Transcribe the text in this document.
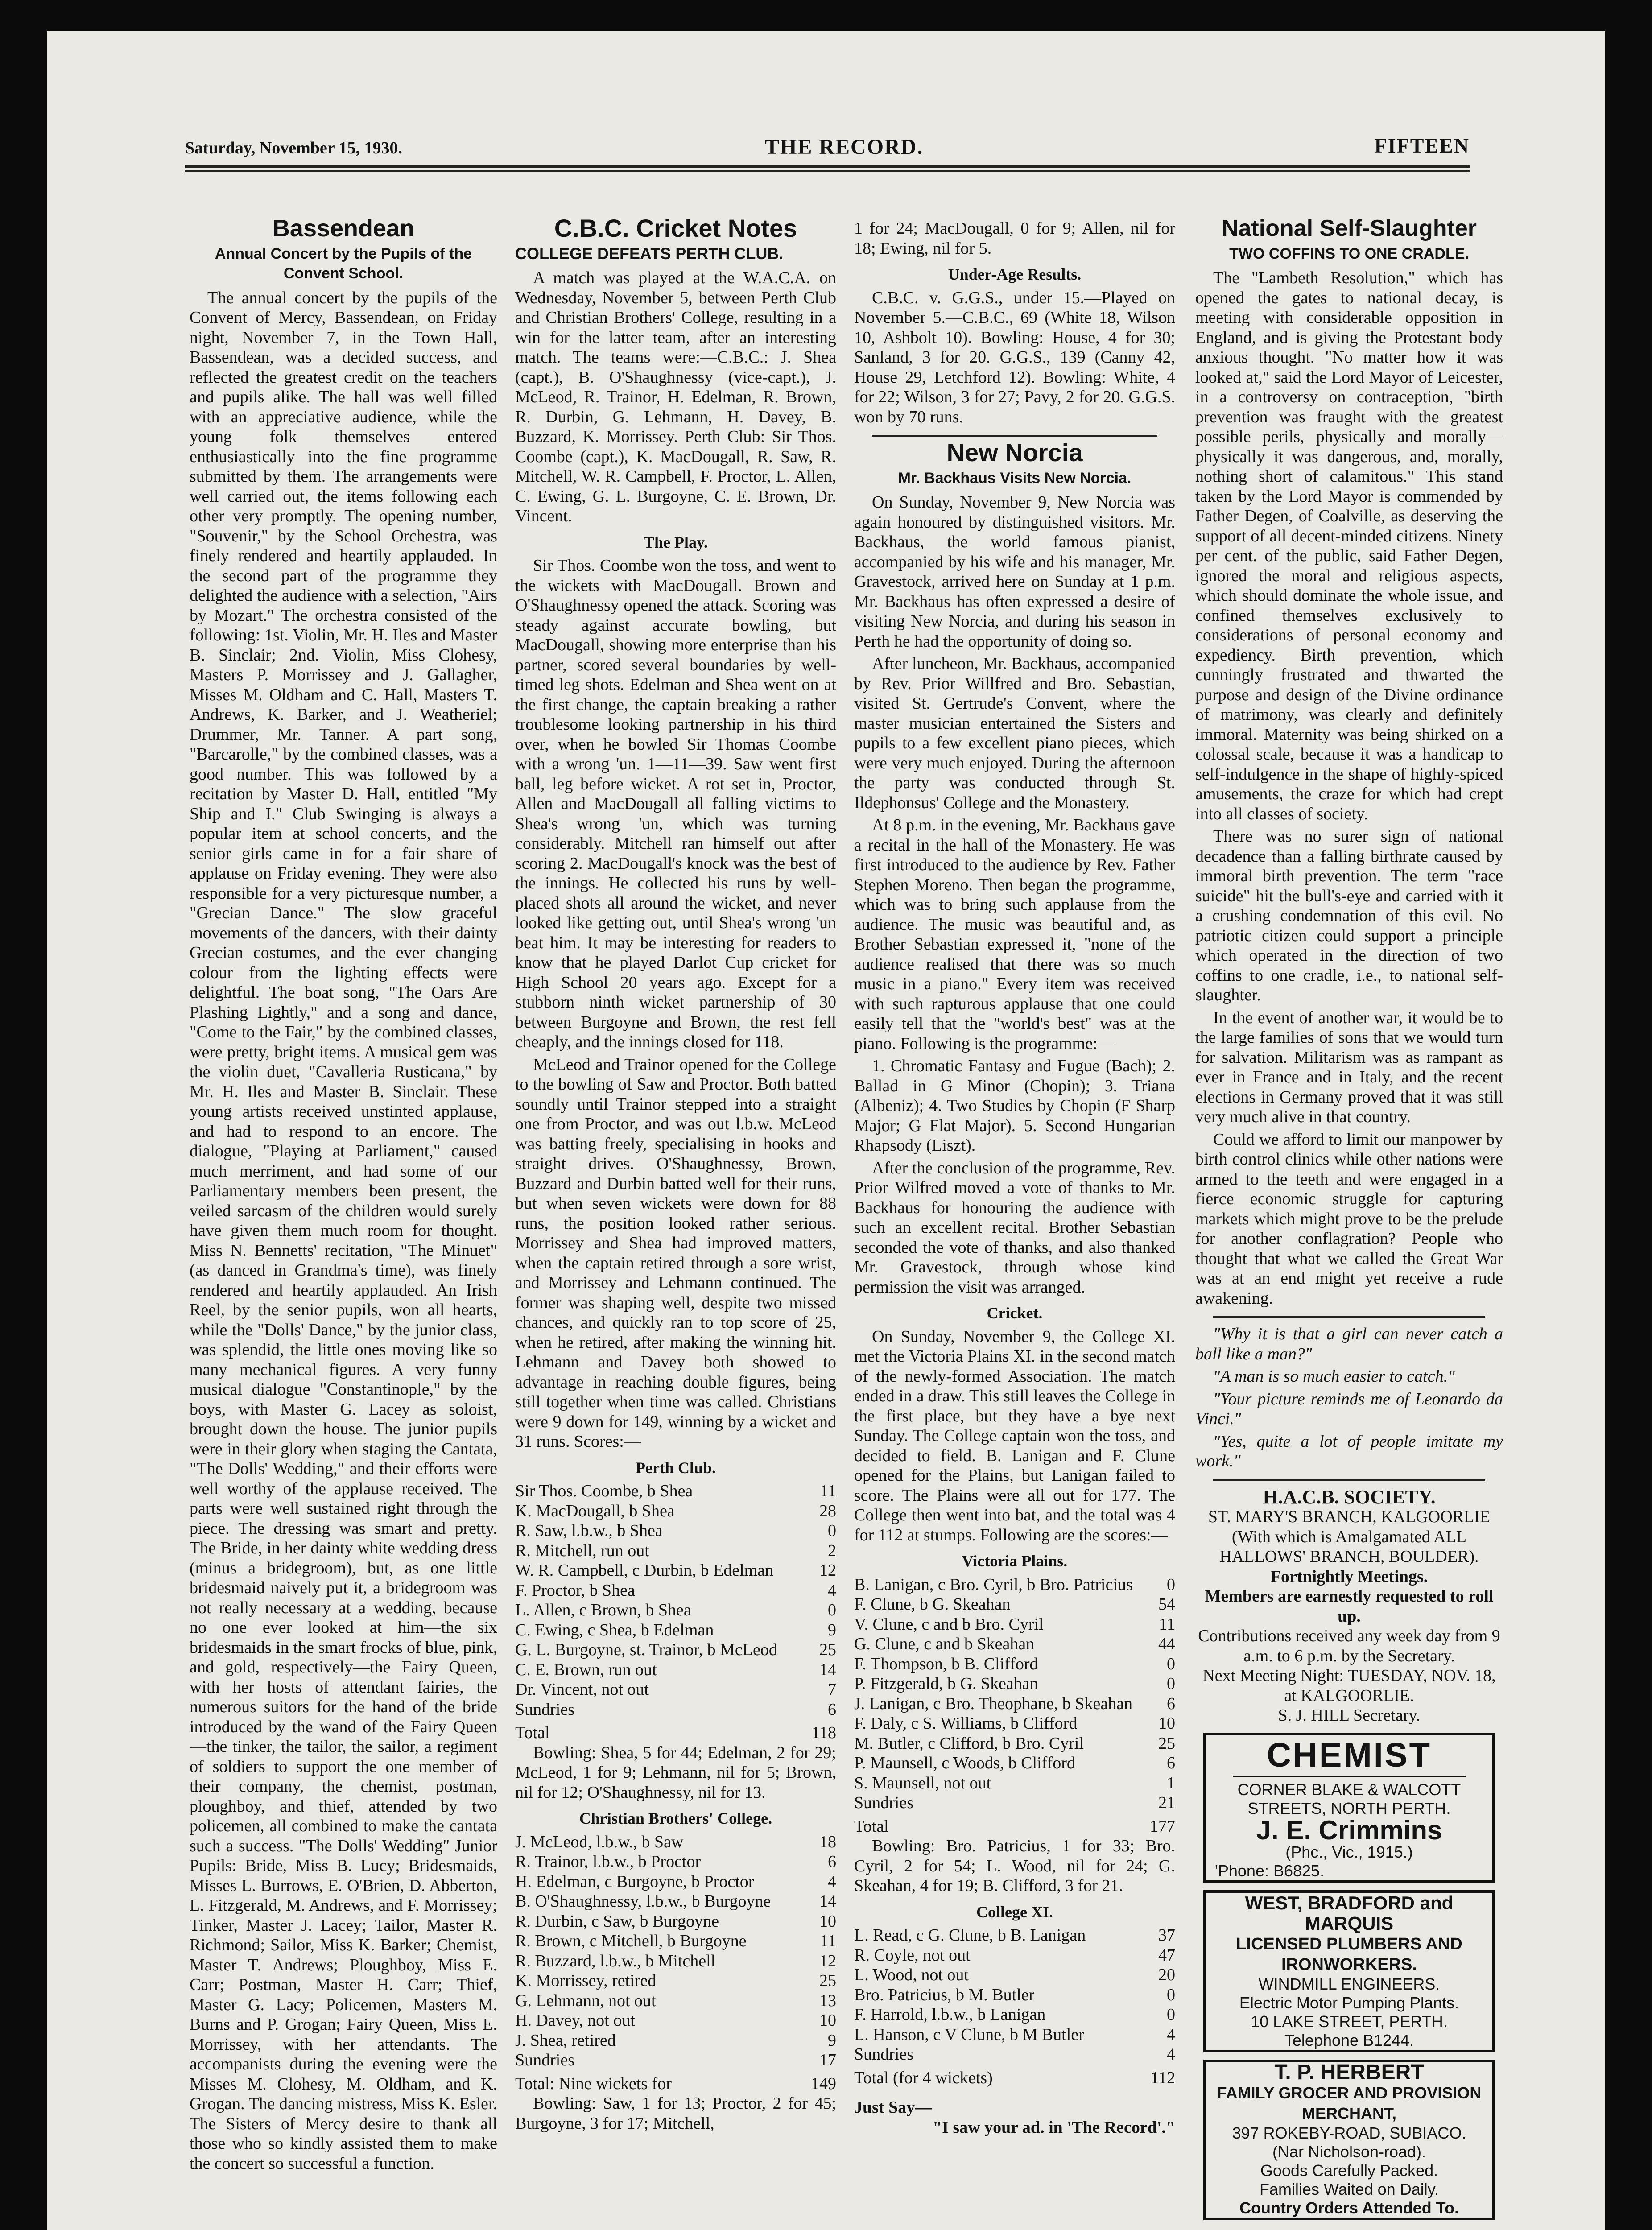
Saturday, November 15, 1930.	THE RECORD.	FIFTEEN
Bassendean
Annual Concert by the Pupils of the Convent School.

The annual concert by the pupils of the Convent of Mercy, Bassendean, on Friday night, November 7, in the Town Hall, Bassendean, was a decided success, and reflected the greatest credit on the teachers and pupils alike. The hall was well filled with an appreciative audience, while the young folk themselves entered enthusiastically into the fine programme submitted by them. The arrangements were well carried out, the items following each other very promptly. The opening number, "Souvenir," by the School Orchestra, was finely rendered and heartily applauded. In the second part of the programme they delighted the audience with a selection, "Airs by Mozart." The orchestra consisted of the following: 1st. Violin, Mr. H. Iles and Master B. Sinclair; 2nd. Violin, Miss Clohesy, Masters P. Morrissey and J. Gallagher, Misses M. Oldham and C. Hall, Masters T. Andrews, K. Barker, and J. Weatheriel; Drummer, Mr. Tanner. A part song, "Barcarolle," by the combined classes, was a good number. This was followed by a recitation by Master D. Hall, entitled "My Ship and I." Club Swinging is always a popular item at school concerts, and the senior girls came in for a fair share of applause on Friday evening. They were also responsible for a very picturesque number, a "Grecian Dance." The slow graceful movements of the dancers, with their dainty Grecian costumes, and the ever changing colour from the lighting effects were delightful. The boat song, "The Oars Are Plashing Lightly," and a song and dance, "Come to the Fair," by the combined classes, were pretty, bright items. A musical gem was the violin duet, "Cavalleria Rusticana," by Mr. H. Iles and Master B. Sinclair. These young artists received unstinted applause, and had to respond to an encore. The dialogue, "Playing at Parliament," caused much merriment, and had some of our Parliamentary members been present, the veiled sarcasm of the children would surely have given them much room for thought. Miss N. Bennetts' recitation, "The Minuet" (as danced in Grandma's time), was finely rendered and heartily applauded. An Irish Reel, by the senior pupils, won all hearts, while the "Dolls' Dance," by the junior class, was splendid, the little ones moving like so many mechanical figures. A very funny musical dialogue "Constantinople," by the boys, with Master G. Lacey as soloist, brought down the house. The junior pupils were in their glory when staging the Cantata, "The Dolls' Wedding," and their efforts were well worthy of the applause received. The parts were well sustained right through the piece. The dressing was smart and pretty. The Bride, in her dainty white wedding dress (minus a bridegroom), but, as one little bridesmaid naively put it, a bridegroom was not really necessary at a wedding, because no one ever looked at him—the six bridesmaids in the smart frocks of blue, pink, and gold, respectively—the Fairy Queen, with her hosts of attendant fairies, the numerous suitors for the hand of the bride introduced by the wand of the Fairy Queen—the tinker, the tailor, the sailor, a regiment of soldiers to support the one member of their company, the chemist, postman, ploughboy, and thief, attended by two policemen, all combined to make the cantata such a success. "The Dolls' Wedding" Junior Pupils: Bride, Miss B. Lucy; Bridesmaids, Misses L. Burrows, E. O'Brien, D. Abberton, L. Fitzgerald, M. Andrews, and F. Morrissey; Tinker, Master J. Lacey; Tailor, Master R. Richmond; Sailor, Miss K. Barker; Chemist, Master T. Andrews; Ploughboy, Miss E. Carr; Postman, Master H. Carr; Thief, Master G. Lacy; Policemen, Masters M. Burns and P. Grogan; Fairy Queen, Miss E. Morrissey, with her attendants. The accompanists during the evening were the Misses M. Clohesy, M. Oldham, and K. Grogan. The dancing mistress, Miss K. Esler. The Sisters of Mercy desire to thank all those who so kindly assisted them to make the concert so successful a function.

C.B.C. Cricket Notes
COLLEGE DEFEATS PERTH CLUB.

A match was played at the W.A.C.A. on Wednesday, November 5, between Perth Club and Christian Brothers' College, resulting in a win for the latter team, after an interesting match. The teams were:—C.B.C.: J. Shea (capt.), B. O'Shaughnessy (vice-capt.), J. McLeod, R. Trainor, H. Edelman, R. Brown, R. Durbin, G. Lehmann, H. Davey, B. Buzzard, K. Morrissey. Perth Club: Sir Thos. Coombe (capt.), K. MacDougall, R. Saw, R. Mitchell, W. R. Campbell, F. Proctor, L. Allen, C. Ewing, G. L. Burgoyne, C. E. Brown, Dr. Vincent.

The Play.

Sir Thos. Coombe won the toss, and went to the wickets with MacDougall. Brown and O'Shaughnessy opened the attack. Scoring was steady against accurate bowling, but MacDougall, showing more enterprise than his partner, scored several boundaries by well-timed leg shots. Edelman and Shea went on at the first change, the captain breaking a rather troublesome looking partnership in his third over, when he bowled Sir Thomas Coombe with a wrong 'un. 1—11—39. Saw went first ball, leg before wicket. A rot set in, Proctor, Allen and MacDougall all falling victims to Shea's wrong 'un, which was turning considerably. Mitchell ran himself out after scoring 2. MacDougall's knock was the best of the innings. He collected his runs by well-placed shots all around the wicket, and never looked like getting out, until Shea's wrong 'un beat him. It may be interesting for readers to know that he played Darlot Cup cricket for High School 20 years ago. Except for a stubborn ninth wicket partnership of 30 between Burgoyne and Brown, the rest fell cheaply, and the innings closed for 118.

McLeod and Trainor opened for the College to the bowling of Saw and Proctor. Both batted soundly until Trainor stepped into a straight one from Proctor, and was out l.b.w. McLeod was batting freely, specialising in hooks and straight drives. O'Shaughnessy, Brown, Buzzard and Durbin batted well for their runs, but when seven wickets were down for 88 runs, the position looked rather serious. Morrissey and Shea had improved matters, when the captain retired through a sore wrist, and Morrissey and Lehmann continued. The former was shaping well, despite two missed chances, and quickly ran to top score of 25, when he retired, after making the winning hit. Lehmann and Davey both showed to advantage in reaching double figures, being still together when time was called. Christians were 9 down for 149, winning by a wicket and 31 runs. Scores:—

Perth Club.
Sir Thos. Coombe, b Shea	11
K. MacDougall, b Shea	28
R. Saw, l.b.w., b Shea	0
R. Mitchell, run out	2
W. R. Campbell, c Durbin, b Edelman	12
F. Proctor, b Shea	4
L. Allen, c Brown, b Shea	0
C. Ewing, c Shea, b Edelman	9
G. L. Burgoyne, st. Trainor, b McLeod 25
C. E. Brown, run out	14
Dr. Vincent, not out	7
Sundries	6
Total	118

Bowling: Shea, 5 for 44; Edelman, 2 for 29; McLeod, 1 for 9; Lehmann, nil for 5; Brown, nil for 12; O'Shaughnessy, nil for 13.

Christian Brothers' College.
J. McLeod, l.b.w., b Saw	18
R. Trainor, l.b.w., b Proctor	6
H. Edelman, c Burgoyne, b Proctor	4
B. O'Shaughnessy, l.b.w., b Burgoyne	14
R. Durbin, c Saw, b Burgoyne	10
R. Brown, c Mitchell, b Burgoyne	11
R. Buzzard, l.b.w., b Mitchell	12
K. Morrissey, retired	25
G. Lehmann, not out	13
H. Davey, not out	10
J. Shea, retired	9
Sundries	17
Total: Nine wickets for	149

Bowling: Saw, 1 for 13; Proctor, 2 for 45; Burgoyne, 3 for 17; Mitchell,

1 for 24; MacDougall, 0 for 9; Allen, nil for 18; Ewing, nil for 5.

Under-Age Results.

C.B.C. v. G.G.S., under 15.—Played on November 5.—C.B.C., 69 (White 18, Wilson 10, Ashbolt 10). Bowling: House, 4 for 30; Sanland, 3 for 20. G.G.S., 139 (Canny 42, House 29, Letchford 12). Bowling: White, 4 for 22; Wilson, 3 for 27; Pavy, 2 for 20. G.G.S. won by 70 runs.

New Norcia
Mr. Backhaus Visits New Norcia.

On Sunday, November 9, New Norcia was again honoured by distinguished visitors. Mr. Backhaus, the world famous pianist, accompanied by his wife and his manager, Mr. Gravestock, arrived here on Sunday at 1 p.m. Mr. Backhaus has often expressed a desire of visiting New Norcia, and during his season in Perth he had the opportunity of doing so.

After luncheon, Mr. Backhaus, accompanied by Rev. Prior Willfred and Bro. Sebastian, visited St. Gertrude's Convent, where the master musician entertained the Sisters and pupils to a few excellent piano pieces, which were very much enjoyed. During the afternoon the party was conducted through St. Ildephonsus' College and the Monastery.

At 8 p.m. in the evening, Mr. Backhaus gave a recital in the hall of the Monastery. He was first introduced to the audience by Rev. Father Stephen Moreno. Then began the programme, which was to bring such applause from the audience. The music was beautiful and, as Brother Sebastian expressed it, "none of the audience realised that there was so much music in a piano." Every item was received with such rapturous applause that one could easily tell that the "world's best" was at the piano. Following is the programme:—

1. Chromatic Fantasy and Fugue (Bach); 2. Ballad in G Minor (Chopin); 3. Triana (Albeniz); 4. Two Studies by Chopin (F Sharp Major; G Flat Major). 5. Second Hungarian Rhapsody (Liszt).

After the conclusion of the programme, Rev. Prior Wilfred moved a vote of thanks to Mr. Backhaus for honouring the audience with such an excellent recital. Brother Sebastian seconded the vote of thanks, and also thanked Mr. Gravestock, through whose kind permission the visit was arranged.

Cricket.

On Sunday, November 9, the College XI. met the Victoria Plains XI. in the second match of the newly-formed Association. The match ended in a draw. This still leaves the College in the first place, but they have a bye next Sunday. The College captain won the toss, and decided to field. B. Lanigan and F. Clune opened for the Plains, but Lanigan failed to score. The Plains were all out for 177. The College then went into bat, and the total was 4 for 112 at stumps. Following are the scores:—

Victoria Plains.
B. Lanigan, c Bro. Cyril, b Bro. Patricius 0
F. Clune, b G. Skeahan	54
V. Clune, c and b Bro. Cyril	11
G. Clune, c and b Skeahan	44
F. Thompson, b B. Clifford	0
P. Fitzgerald, b G. Skeahan	0
J. Lanigan, c Bro. Theophane, b Skeahan 6
F. Daly, c S. Williams, b Clifford	10
M. Butler, c Clifford, b Bro. Cyril	25
P. Maunsell, c Woods, b Clifford	6
S. Maunsell, not out	1
Sundries	21
Total	177

Bowling: Bro. Patricius, 1 for 33; Bro. Cyril, 2 for 54; L. Wood, nil for 24; G. Skeahan, 4 for 19; B. Clifford, 3 for 21.

College XI.
L. Read, c G. Clune, b B. Lanigan	37
R. Coyle, not out	47
L. Wood, not out	20
Bro. Patricius, b M. Butler	0
F. Harrold, l.b.w., b Lanigan	0
L. Hanson, c V Clune, b M Butler	4
Sundries	4
Total (for 4 wickets)	112
Just Say—
"I saw your ad. in 'The Record'."
National Self-Slaughter
TWO COFFINS TO ONE CRADLE.

The "Lambeth Resolution," which has opened the gates to national decay, is meeting with considerable opposition in England, and is giving the Protestant body anxious thought. "No matter how it was looked at," said the Lord Mayor of Leicester, in a controversy on contraception, "birth prevention was fraught with the greatest possible perils, physically and morally—physically it was dangerous, and, morally, nothing short of calamitous." This stand taken by the Lord Mayor is commended by Father Degen, of Coalville, as deserving the support of all decent-minded citizens. Ninety per cent. of the public, said Father Degen, ignored the moral and religious aspects, which should dominate the whole issue, and confined themselves exclusively to considerations of personal economy and expediency. Birth prevention, which cunningly frustrated and thwarted the purpose and design of the Divine ordinance of matrimony, was clearly and definitely immoral. Maternity was being shirked on a colossal scale, because it was a handicap to self-indulgence in the shape of highly-spiced amusements, the craze for which had crept into all classes of society.

There was no surer sign of national decadence than a falling birthrate caused by immoral birth prevention. The term "race suicide" hit the bull's-eye and carried with it a crushing condemnation of this evil. No patriotic citizen could support a principle which operated in the direction of two coffins to one cradle, i.e., to national self-slaughter.

In the event of another war, it would be to the large families of sons that we would turn for salvation. Militarism was as rampant as ever in France and in Italy, and the recent elections in Germany proved that it was still very much alive in that country.

Could we afford to limit our manpower by birth control clinics while other nations were armed to the teeth and were engaged in a fierce economic struggle for capturing markets which might prove to be the prelude for another conflagration? People who thought that what we called the Great War was at an end might yet receive a rude awakening.

"Why it is that a girl can never catch a ball like a man?"

"A man is so much easier to catch."

"Your picture reminds me of Leonardo da Vinci."

"Yes, quite a lot of people imitate my work."

H.A.C.B. SOCIETY.
ST. MARY'S BRANCH, KALGOORLIE
(With which is Amalgamated ALL HALLOWS' BRANCH, BOULDER).
Fortnightly Meetings.
Members are earnestly requested to roll up.
Contributions received any week day from 9 a.m. to 6 p.m. by the Secretary.
Next Meeting Night: TUESDAY, NOV. 18, at KALGOORLIE.
S. J. HILL Secretary.
CHEMIST
CORNER BLAKE & WALCOTT STREETS, NORTH PERTH.
J. E. Crimmins
(Phc., Vic., 1915.)
'Phone: B6825.
WEST, BRADFORD and MARQUIS
LICENSED PLUMBERS AND IRONWORKERS.
WINDMILL ENGINEERS.
Electric Motor Pumping Plants.
10 LAKE STREET, PERTH.
Telephone B1244.
T. P. HERBERT
FAMILY GROCER AND PROVISION MERCHANT,
397 ROKEBY-ROAD, SUBIACO.
(Nar Nicholson-road).
Goods Carefully Packed.
Families Waited on Daily.
Country Orders Attended To.
